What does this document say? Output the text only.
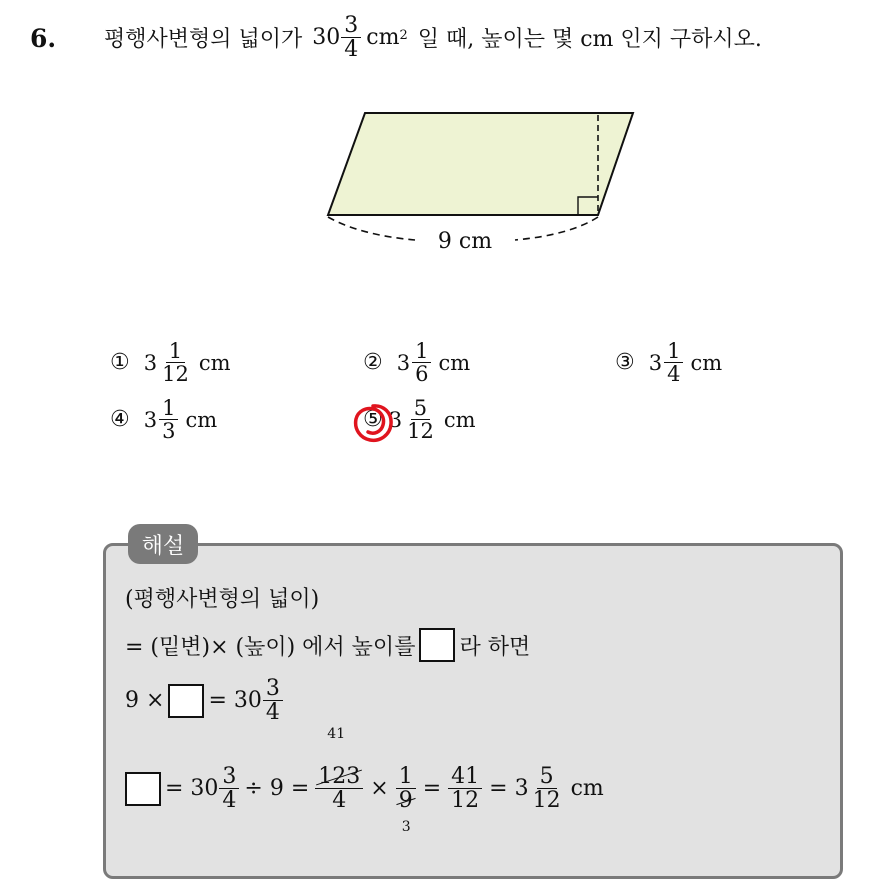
6. 평행사변형의 넓이가 $30 \frac{3}{4}$ cm 2 일 때, 높이는 몇 cm 인지 구하시오.
9 cm
① $3 \frac{1}{12}$ cm	② $3 \frac{1}{6}$ cm	③ $3 \frac{1}{4}$ cm
④ $3 \frac{1}{3}$ cm	⑤ $3 \frac{5}{12}$ cm
해설
(평행사변형의 넓이)
= (밑변)× (높이) 에서 높이를 라 하면
9 × = $30 \frac{3}{4}$
= $30 \frac{3}{4} \div 9$ =
41
123
4 × 1
9
3
= $\frac{41}{12} = 3 \frac{5}{12}$ cm
